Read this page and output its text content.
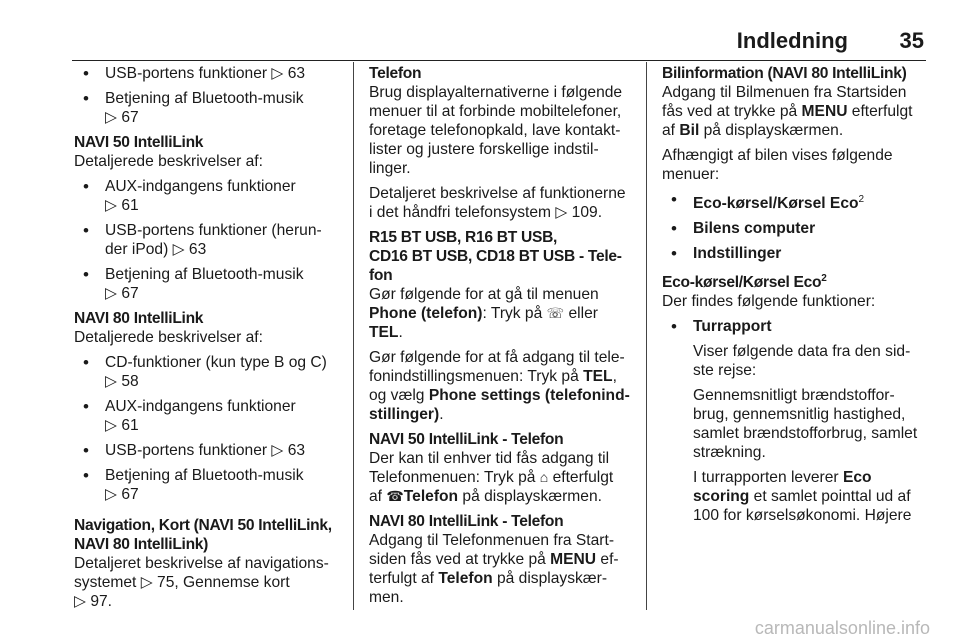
Indledning 35

• USB-portens funktioner ▷ 63

• Betjening af Bluetooth-musik
▷ 67

NAVI 50 IntelliLink

Detaljerede beskrivelser af:

• AUX-indgangens funktioner
▷ 61

• USB-portens funktioner (herun-
der iPod) ▷ 63

• Betjening af Bluetooth-musik
▷ 67

NAVI 80 IntelliLink

Detaljerede beskrivelser af:

• CD-funktioner (kun type B og C)
▷ 58

• AUX-indgangens funktioner
▷ 61

• USB-portens funktioner ▷ 63

• Betjening af Bluetooth-musik
▷ 67

Navigation, Kort (NAVI 50 IntelliLink,
NAVI 80 IntelliLink)

Detaljeret beskrivelse af navigations-
systemet ▷ 75, Gennemse kort
▷ 97.

Telefon

Brug displayalternativerne i følgende
menuer til at forbinde mobiltelefoner,
foretage telefonopkald, lave kontakt-
lister og justere forskellige indstil-
linger.

Detaljeret beskrivelse af funktionerne
i det håndfri telefonsystem ▷ 109.

R15 BT USB, R16 BT USB,
CD16 BT USB, CD18 BT USB - Tele-
fon

Gør følgende for at gå til menuen
Phone (telefon): Tryk på ☏ eller TEL.

Gør følgende for at få adgang til tele-
fonindstillingsmenuen: Tryk på TEL,
og vælg Phone settings (telefonind-
stillinger).

NAVI 50 IntelliLink - Telefon

Der kan til enhver tid fås adgang til
Telefonmenuen: Tryk på ⌂ efterfulgt
af ☎Telefon på displayskærmen.

NAVI 80 IntelliLink - Telefon

Adgang til Telefonmenuen fra Start-
siden fås ved at trykke på MENU ef-
terfulgt af Telefon på displayskær-
men.

Bilinformation (NAVI 80 IntelliLink)

Adgang til Bilmenuen fra Startsiden
fås ved at trykke på MENU efterfulgt
af Bil på displayskærmen.

Afhængigt af bilen vises følgende
menuer:

• Eco-kørsel/Kørsel Eco$^2$

• Bilens computer

• Indstillinger

Eco-kørsel/Kørsel Eco$^2$

Der findes følgende funktioner:

• Turrapport

Viser følgende data fra den sid-
ste rejse:

Gennemsnitligt brændstoffor-
brug, gennemsnitlig hastighed,
samlet brændstofforbrug, samlet
strækning.

I turrapporten leverer Eco
scoring et samlet pointtal ud af
100 for kørselsøkonomi. Højere

carmanualsonline.info
